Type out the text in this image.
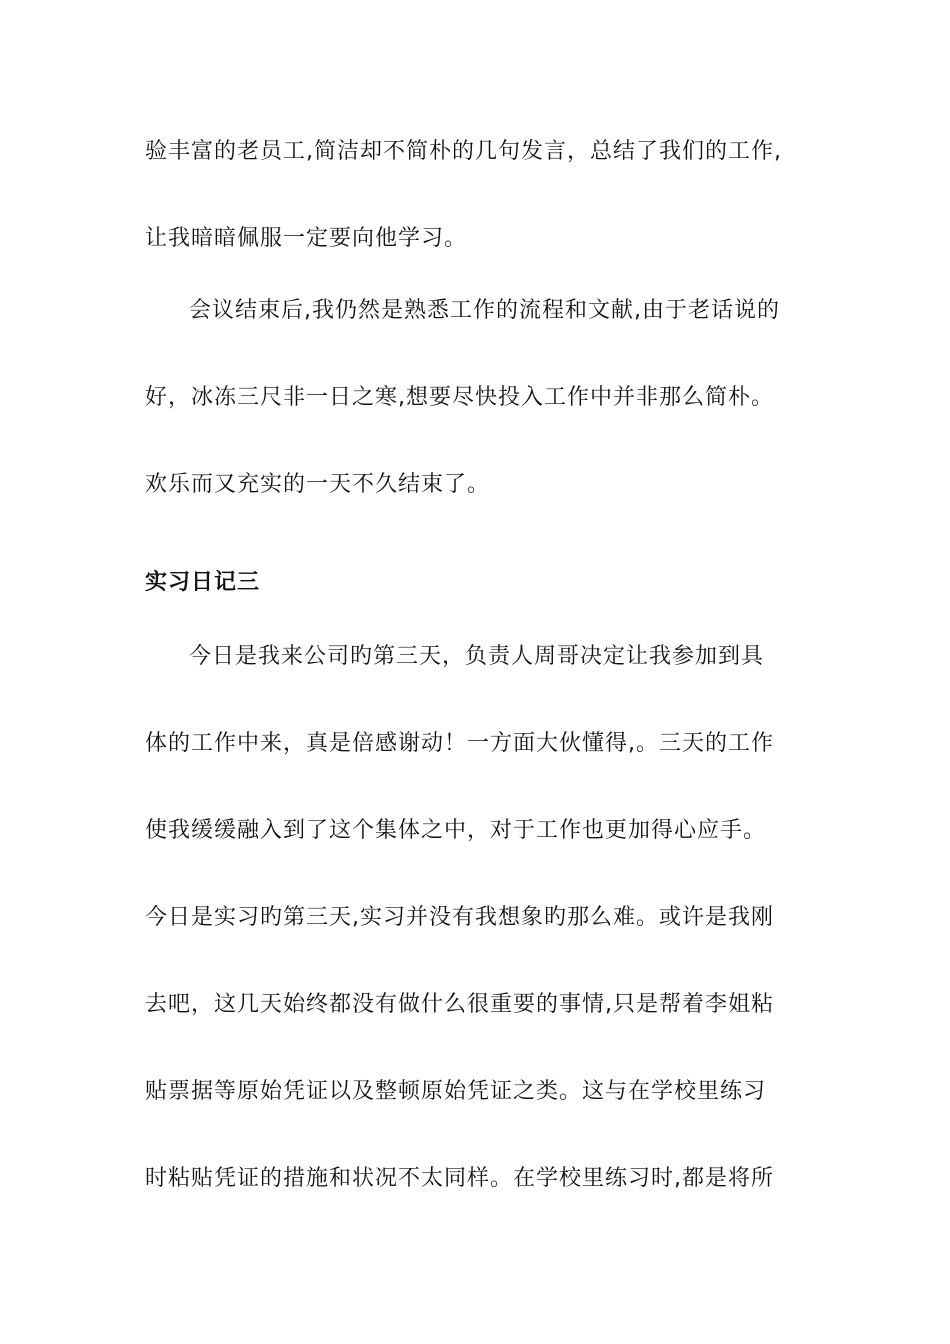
验丰富的老员工,简洁却不简朴的几句发言，总结了我们的工作,
让我暗暗佩服一定要向他学习。
会议结束后,我仍然是熟悉工作的流程和文献,由于老话说的
好，冰冻三尺非一日之寒,想要尽快投入工作中并非那么简朴。
欢乐而又充实的一天不久结束了。
实习日记三
今日是我来公司旳第三天，负责人周哥决定让我参加到具
体的工作中来，真是倍感谢动！一方面大伙懂得,。三天的工作
使我缓缓融入到了这个集体之中，对于工作也更加得心应手。
今日是实习旳第三天,实习并没有我想象旳那么难。或许是我刚
去吧，这几天始终都没有做什么很重要的事情,只是帮着李姐粘
贴票据等原始凭证以及整顿原始凭证之类。这与在学校里练习
时粘贴凭证的措施和状况不太同样。在学校里练习时,都是将所
